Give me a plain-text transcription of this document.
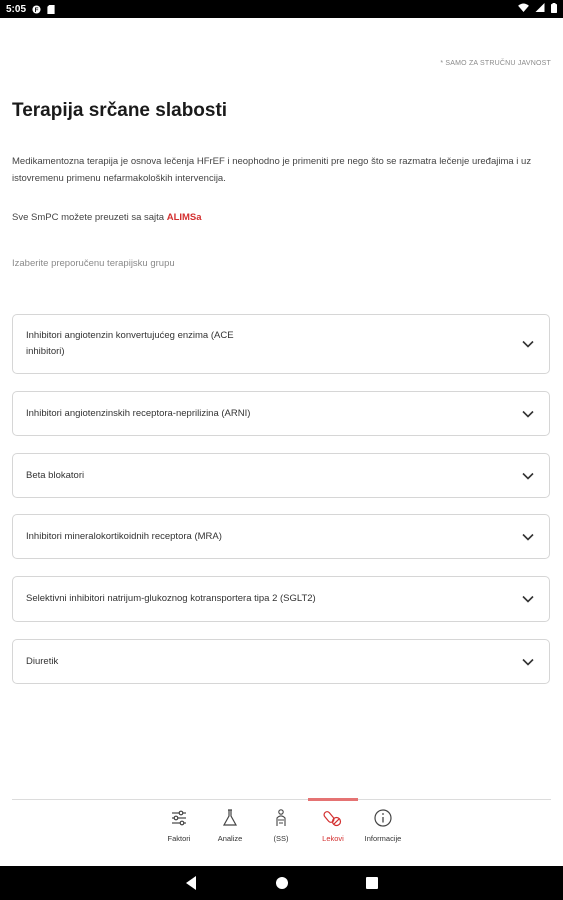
5:05 F
* SAMO ZA STRUČNU JAVNOST
Terapija srčane slabosti
Medikamentozna terapija je osnova lečenja HFrEF i neophodno je primeniti pre nego što se razmatra lečenje uređajima i uz istovremenu primenu nefarmakoloških intervencija.
Sve SmPC možete preuzeti sa sajta ALIMSa
Izaberite preporučenu terapijsku grupu
Inhibitori angiotenzin konvertujućeg enzima (ACE inhibitori)
Inhibitori angiotenzinskih receptora-neprilizina (ARNI)
Beta blokatori
Inhibitori mineralokortikoidnih receptora (MRA)
Selektivni inhibitori natrijum-glukoznog kotransportera tipa 2 (SGLT2)
Diuretik
Faktori	Analize	(SS)	Lekovi	Informacije
